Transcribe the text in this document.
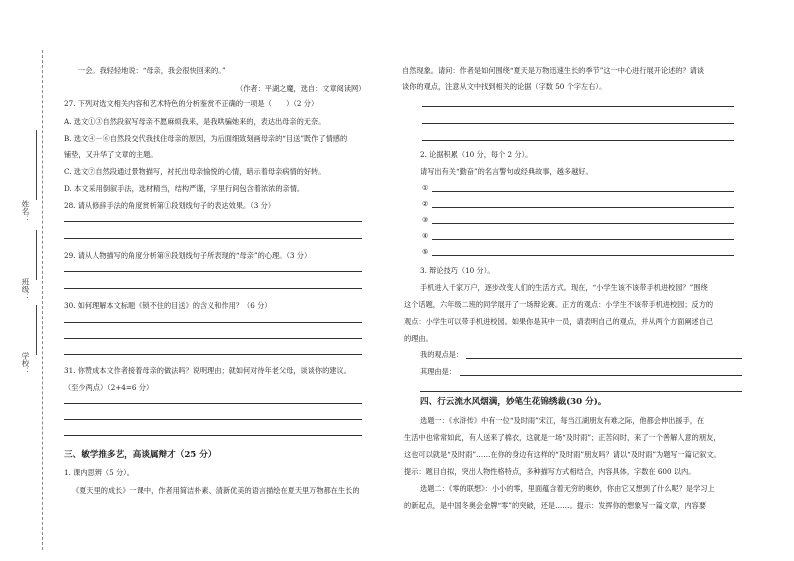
姓名：
班级：
学校：
一会。我轻轻地说：“母亲，我会很快回来的。”
（作者：平湖之魔，选自：文章阅读网）
27. 下列对选文相关内容和艺术特色的分析鉴赏不正确的一项是（　　）（2 分）
A. 选文①③自然段叙写母亲不愿麻烦我来，是我哄骗她来的，表达出母亲的无奈。
B. 选文④－⑥自然段交代我找住母亲的原因，为后面细致刻画母亲的“目送”既作了情感的
铺垫，又升华了文章的主题。
C. 选文⑦自然段通过景物描写，衬托出母亲愉悦的心情，暗示着母亲病情的好转。
D. 本文采用倒叙手法，选材精当，结构严谨，字里行间包含着浓浓的亲情。
28. 请从修辞手法的角度赏析第①段划线句子的表达效果。（3 分）
29. 请从人物描写的角度分析第⑧段划线句子所表现的“母亲”的心理。（3 分）
30. 如何理解本文标题《锁不住的目送》的含义和作用？（6 分）
31. 你赞成本文作者接着母亲的做法吗？说明理由；就如何对待年老父母，谈谈你的建议。
（至少两点）（2+4=6 分）
三、敏学推多艺，高谈属辩才（25 分）
1. 课内思辨（5 分）。
《夏天里的成长》一课中，作者用简洁朴素、清新优美的语言描绘在夏天里万物都在生长的
自然现象。请问：作者是如何围绕“夏天是万物迅速生长的季节”这一中心进行展开论述的？请谈
谈你的观点，注意从文中找到相关的论据（字数 50 个字左右）。
2. 论据积累（10 分，每个 2 分）。
请写出有关“勤奋”的名言警句或经典故事，越多越好。
①
②
③
④
⑤
3. 辩论技巧（10 分）。
手机进入千家万户，逐步改变人们的生活方式。现在，“小学生该不该带手机进校园？”围绕
这个话题，六年级二班的同学展开了一场辩论赛。正方的观点：小学生不该带手机进校园；反方的
观点：小学生可以带手机进校园。如果你是其中一员，请表明自己的观点，并从两个方面阐述自己
的理由。
我的观点是：
其理由是：
四、行云流水风烟满，妙笔生花锦绣裁(30 分)。
选题一：《水浒传》中有一位“及时雨”宋江，每当江湖朋友有难之际，他都会伸出援手，在
生活中也常常如此，有人送来了棉衣，这就是一场“及时雨”；正苦闷时，来了一个善解人意的朋友，
这也可以就是“及时雨”……在你的身边有这样的“及时雨”朋友吗？请以“及时雨”为题写一篇记叙文。
提示：题目自拟，突出人物性格特点，多种描写方式相结合，内容具体，字数在 600 以内。
选题二：《零的联想》：小小的零，里面蕴含着无穷的奥妙，你由它又想到了什么呢？是学习上
的新起点，是中国冬奥会金牌“零”的突破，还是……。提示：发挥你的想象写一篇文章，内容要
